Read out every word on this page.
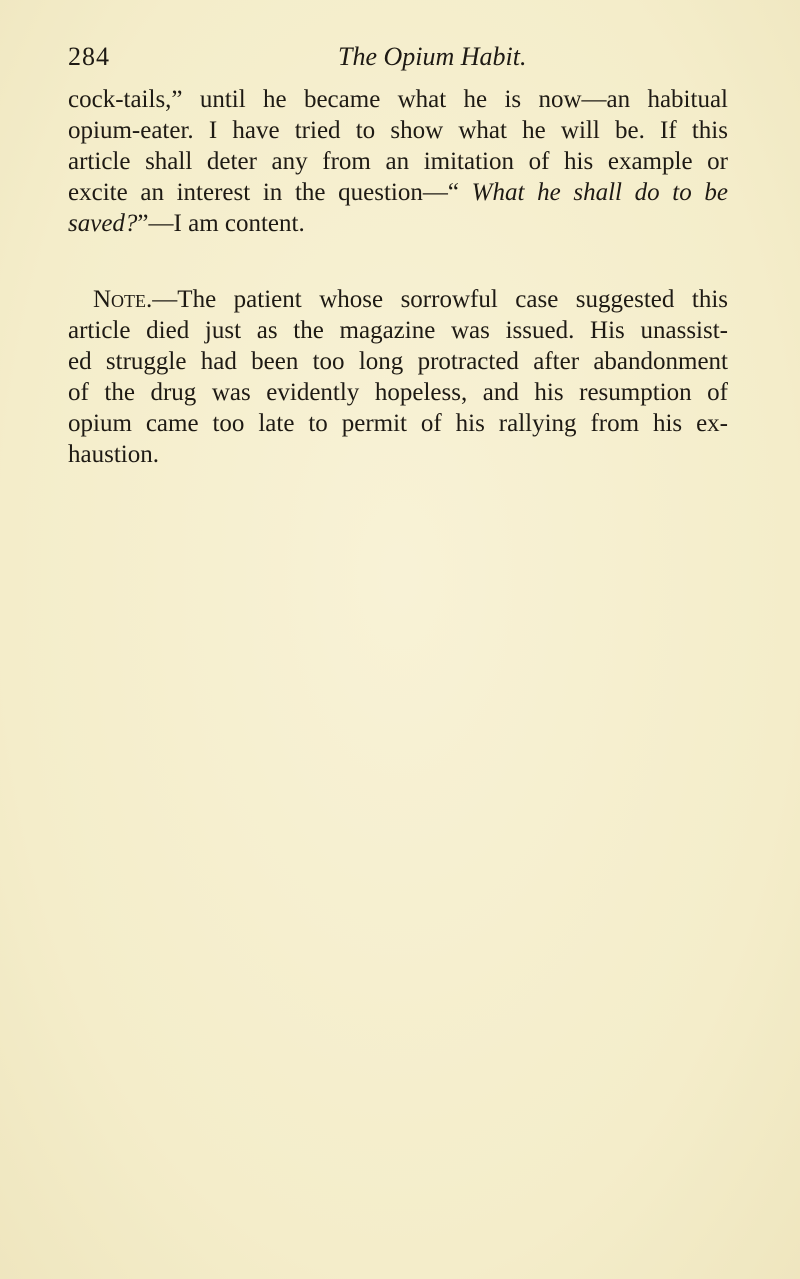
284	The Opium Habit.

cock-tails,” until he became what he is now—an habitual
opium-eater. I have tried to show what he will be. If this
article shall deter any from an imitation of his example or
excite an interest in the question—“ What he shall do to be
saved?”—I am content.

 Note.—The patient whose sorrowful case suggested this
article died just as the magazine was issued. His unassist-
ed struggle had been too long protracted after abandonment
of the drug was evidently hopeless, and his resumption of
opium came too late to permit of his rallying from his ex-
haustion.
